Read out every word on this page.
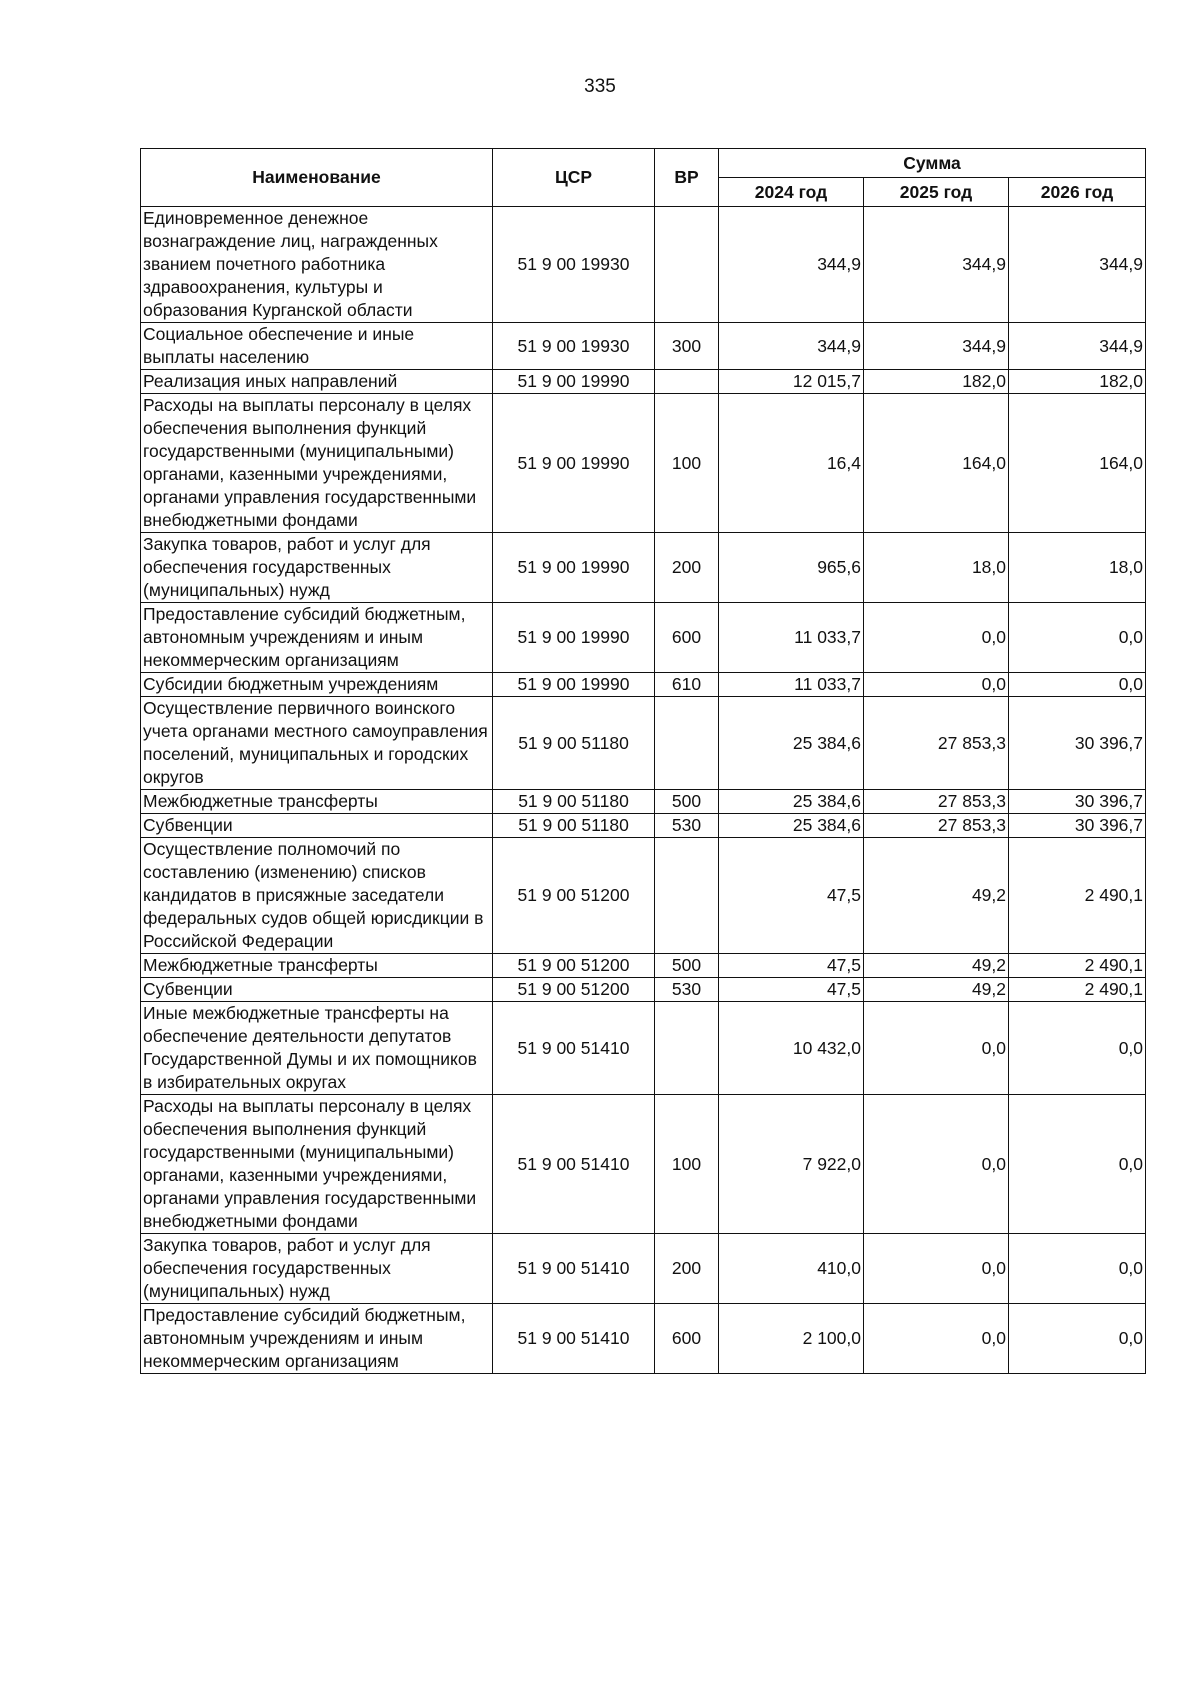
335
Наименование	ЦСР	ВР	Сумма		
			2024 год	2025 год	2026 год
Единовременное денежное вознаграждение лиц, награжденных званием почетного работника здравоохранения, культуры и образования Курганской области	51 9 00 19930		344,9	344,9	344,9
Социальное обеспечение и иные выплаты населению	51 9 00 19930	300	344,9	344,9	344,9
Реализация иных направлений	51 9 00 19990		12 015,7	182,0	182,0
Расходы на выплаты персоналу в целях обеспечения выполнения функций государственными (муниципальными) органами, казенными учреждениями, органами управления государственными внебюджетными фондами	51 9 00 19990	100	16,4	164,0	164,0
Закупка товаров, работ и услуг для обеспечения государственных (муниципальных) нужд	51 9 00 19990	200	965,6	18,0	18,0
Предоставление субсидий бюджетным, автономным учреждениям и иным некоммерческим организациям	51 9 00 19990	600	11 033,7	0,0	0,0
Субсидии бюджетным учреждениям	51 9 00 19990	610	11 033,7	0,0	0,0
Осуществление первичного воинского учета органами местного самоуправления поселений, муниципальных и городских округов	51 9 00 51180		25 384,6	27 853,3	30 396,7
Межбюджетные трансферты	51 9 00 51180	500	25 384,6	27 853,3	30 396,7
Субвенции	51 9 00 51180	530	25 384,6	27 853,3	30 396,7
Осуществление полномочий по составлению (изменению) списков кандидатов в присяжные заседатели федеральных судов общей юрисдикции в Российской Федерации	51 9 00 51200		47,5	49,2	2 490,1
Межбюджетные трансферты	51 9 00 51200	500	47,5	49,2	2 490,1
Субвенции	51 9 00 51200	530	47,5	49,2	2 490,1
Иные межбюджетные трансферты на обеспечение деятельности депутатов Государственной Думы и их помощников в избирательных округах	51 9 00 51410		10 432,0	0,0	0,0
Расходы на выплаты персоналу в целях обеспечения выполнения функций государственными (муниципальными) органами, казенными учреждениями, органами управления государственными внебюджетными фондами	51 9 00 51410	100	7 922,0	0,0	0,0
Закупка товаров, работ и услуг для обеспечения государственных (муниципальных) нужд	51 9 00 51410	200	410,0	0,0	0,0
Предоставление субсидий бюджетным, автономным учреждениям и иным некоммерческим организациям	51 9 00 51410	600	2 100,0	0,0	0,0
